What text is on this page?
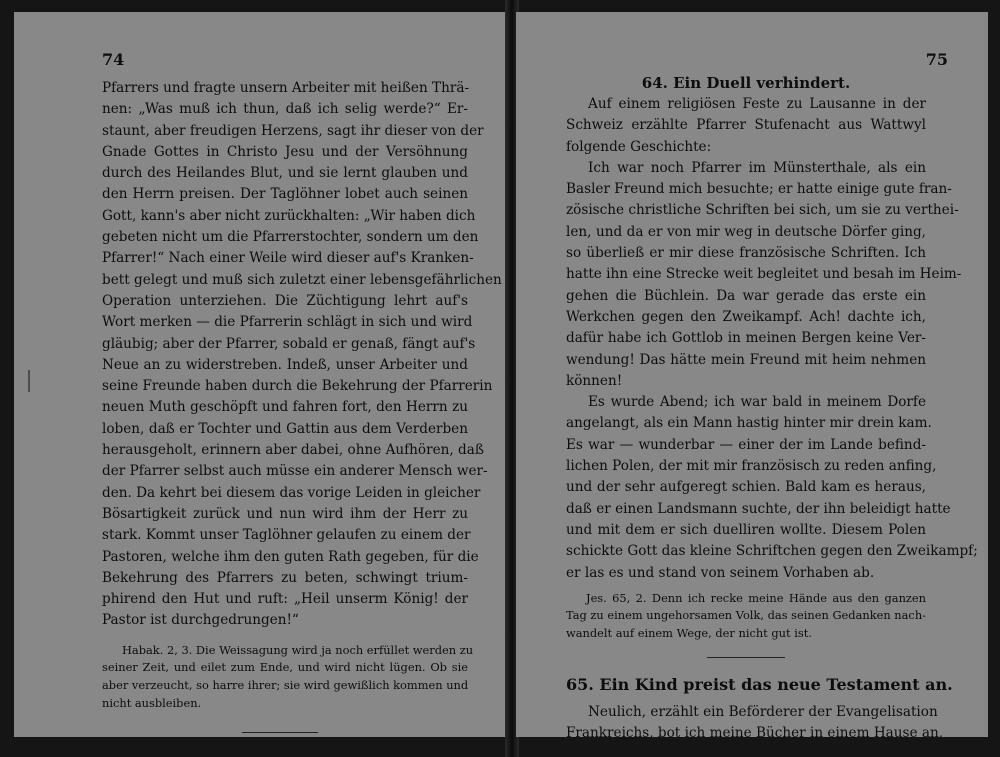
74
Pfarrers und fragte unsern Arbeiter mit heißen Thrä-
nen: „Was muß ich thun, daß ich selig werde?“ Er-
staunt, aber freudigen Herzens, sagt ihr dieser von der
Gnade Gottes in Christo Jesu und der Versöhnung
durch des Heilandes Blut, und sie lernt glauben und
den Herrn preisen. Der Taglöhner lobet auch seinen
Gott, kann's aber nicht zurückhalten: „Wir haben dich
gebeten nicht um die Pfarrerstochter, sondern um den
Pfarrer!“ Nach einer Weile wird dieser auf's Kranken-
bett gelegt und muß sich zuletzt einer lebensgefährlichen
Operation unterziehen. Die Züchtigung lehrt auf's
Wort merken — die Pfarrerin schlägt in sich und wird
gläubig; aber der Pfarrer, sobald er genaß, fängt auf's
Neue an zu widerstreben. Indeß, unser Arbeiter und
seine Freunde haben durch die Bekehrung der Pfarrerin
neuen Muth geschöpft und fahren fort, den Herrn zu
loben, daß er Tochter und Gattin aus dem Verderben
herausgeholt, erinnern aber dabei, ohne Aufhören, daß
der Pfarrer selbst auch müsse ein anderer Mensch wer-
den. Da kehrt bei diesem das vorige Leiden in gleicher
Bösartigkeit zurück und nun wird ihm der Herr zu
stark. Kommt unser Taglöhner gelaufen zu einem der
Pastoren, welche ihm den guten Rath gegeben, für die
Bekehrung des Pfarrers zu beten, schwingt trium-
phirend den Hut und ruft: „Heil unserm König! der
Pastor ist durchgedrungen!“
Habak. 2, 3. Die Weissagung wird ja noch erfüllet werden zu
seiner Zeit, und eilet zum Ende, und wird nicht lügen. Ob sie
aber verzeucht, so harre ihrer; sie wird gewißlich kommen und
nicht ausbleiben.
75
64. Ein Duell verhindert.
Auf einem religiösen Feste zu Lausanne in der
Schweiz erzählte Pfarrer Stufenacht aus Wattwyl
folgende Geschichte:
Ich war noch Pfarrer im Münsterthale, als ein
Basler Freund mich besuchte; er hatte einige gute fran-
zösische christliche Schriften bei sich, um sie zu verthei-
len, und da er von mir weg in deutsche Dörfer ging,
so überließ er mir diese französische Schriften. Ich
hatte ihn eine Strecke weit begleitet und besah im Heim-
gehen die Büchlein. Da war gerade das erste ein
Werkchen gegen den Zweikampf. Ach! dachte ich,
dafür habe ich Gottlob in meinen Bergen keine Ver-
wendung! Das hätte mein Freund mit heim nehmen
können!
Es wurde Abend; ich war bald in meinem Dorfe
angelangt, als ein Mann hastig hinter mir drein kam.
Es war — wunderbar — einer der im Lande befind-
lichen Polen, der mit mir französisch zu reden anfing,
und der sehr aufgeregt schien. Bald kam es heraus,
daß er einen Landsmann suchte, der ihn beleidigt hatte
und mit dem er sich duelliren wollte. Diesem Polen
schickte Gott das kleine Schriftchen gegen den Zweikampf;
er las es und stand von seinem Vorhaben ab.
Jes. 65, 2. Denn ich recke meine Hände aus den ganzen
Tag zu einem ungehorsamen Volk, das seinen Gedanken nach-
wandelt auf einem Wege, der nicht gut ist.
65. Ein Kind preist das neue Testament an.
Neulich, erzählt ein Beförderer der Evangelisation
Frankreichs, bot ich meine Bücher in einem Hause an,
